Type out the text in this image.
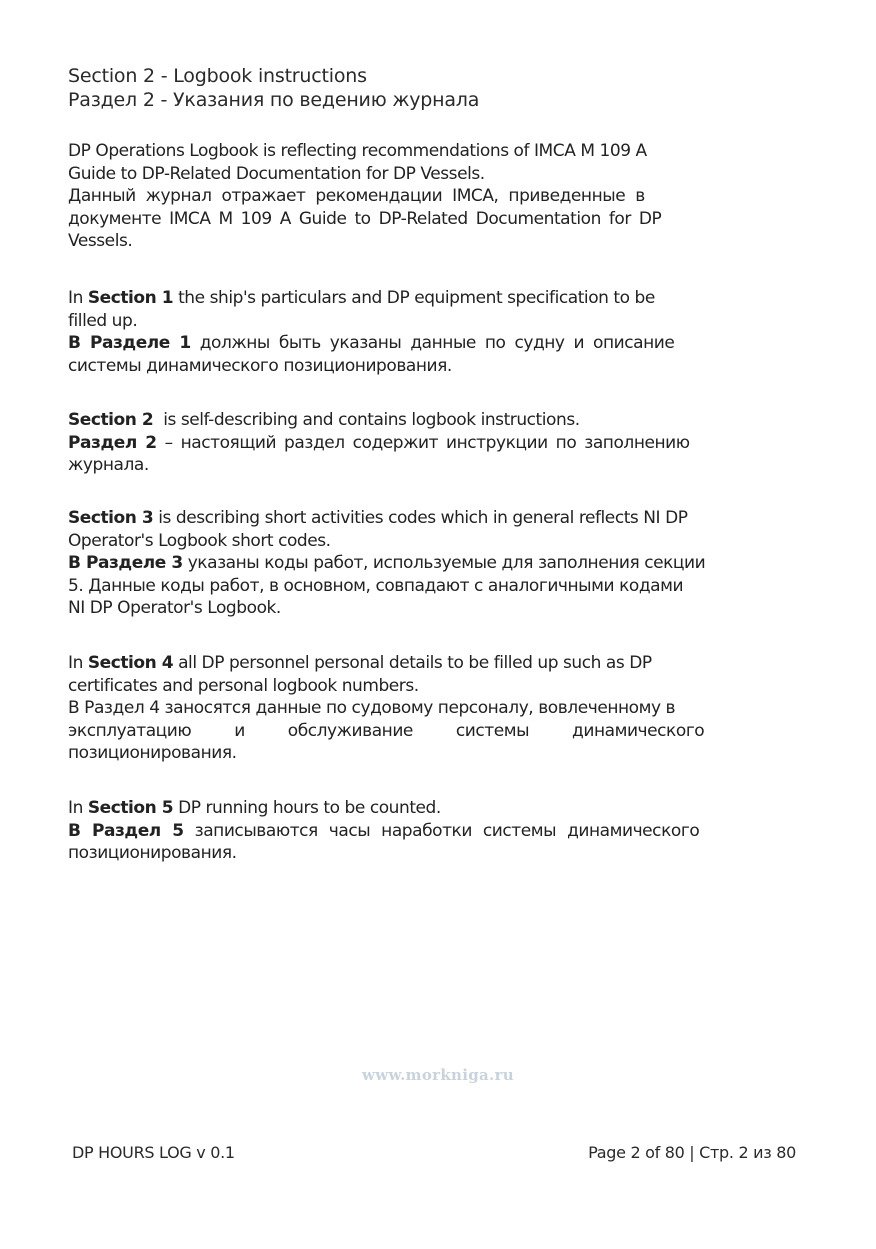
Section 2 - Logbook instructions
Раздел 2 - Указания по ведению журнала
DP Operations Logbook is reflecting recommendations of IMCA M 109 A
Guide to DP-Related Documentation for DP Vessels.
Данный журнал отражает рекомендации IMCA, приведенные в
документе IMCA M 109 A Guide to DP-Related Documentation for DP
Vessels.
In Section 1 the ship's particulars and DP equipment specification to be
filled up.
В Разделе 1 должны быть указаны данные по судну и описание
системы динамического позиционирования.
Section 2  is self-describing and contains logbook instructions.
Раздел 2 – настоящий раздел содержит инструкции по заполнению
журнала.
Section 3 is describing short activities codes which in general reflects NI DP
Operator's Logbook short codes.
В Разделе 3 указаны коды работ, используемые для заполнения секции
5. Данные коды работ, в основном, совпадают с аналогичными кодами
NI DP Operator's Logbook.
In Section 4 all DP personnel personal details to be filled up such as DP
certificates and personal logbook numbers.
В Раздел 4 заносятся данные по судовому персоналу, вовлеченному в
эксплуатацию и обслуживание системы динамического
позиционирования.
In Section 5 DP running hours to be counted.
В Раздел 5 записываются часы наработки системы динамического
позиционирования.
www.morkniga.ru
DP HOURS LOG v 0.1	Page 2 of 80 | Стр. 2 из 80
